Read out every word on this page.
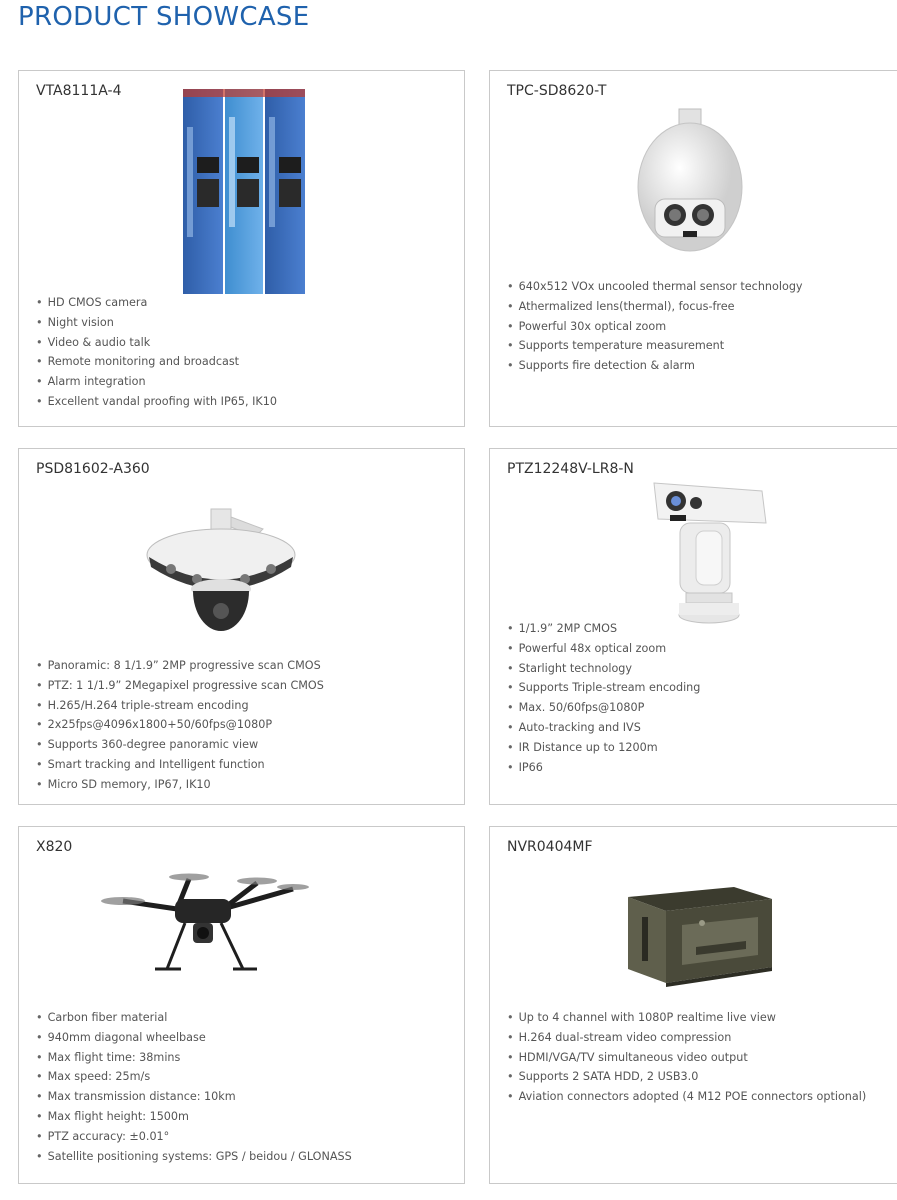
PRODUCT SHOWCASE
VTA8111A-4
• HD CMOS camera
• Night vision
• Video & audio talk
• Remote monitoring and broadcast
• Alarm integration
• Excellent vandal proofing with IP65, IK10
TPC-SD8620-T
• 640x512 VOx uncooled thermal sensor technology
• Athermalized lens(thermal), focus-free
• Powerful 30x optical zoom
• Supports temperature measurement
• Supports fire detection & alarm
PSD81602-A360
• Panoramic: 8 1/1.9” 2MP progressive scan CMOS
• PTZ: 1 1/1.9” 2Megapixel progressive scan CMOS
• H.265/H.264 triple-stream encoding
• 2x25fps@4096x1800+50/60fps@1080P
• Supports 360-degree panoramic view
• Smart tracking and Intelligent function
• Micro SD memory, IP67, IK10
PTZ12248V-LR8-N
• 1/1.9” 2MP CMOS
• Powerful 48x optical zoom
• Starlight technology
• Supports Triple-stream encoding
• Max. 50/60fps@1080P
• Auto-tracking and IVS
• IR Distance up to 1200m
• IP66
X820
• Carbon fiber material
• 940mm diagonal wheelbase
• Max flight time: 38mins
• Max speed: 25m/s
• Max transmission distance: 10km
• Max flight height: 1500m
• PTZ accuracy: ±0.01°
• Satellite positioning systems: GPS / beidou / GLONASS
NVR0404MF
• Up to 4 channel with 1080P realtime live view
• H.264 dual-stream video compression
• HDMI/VGA/TV simultaneous video output
• Supports 2 SATA HDD, 2 USB3.0
• Aviation connectors adopted (4 M12 POE connectors optional)
